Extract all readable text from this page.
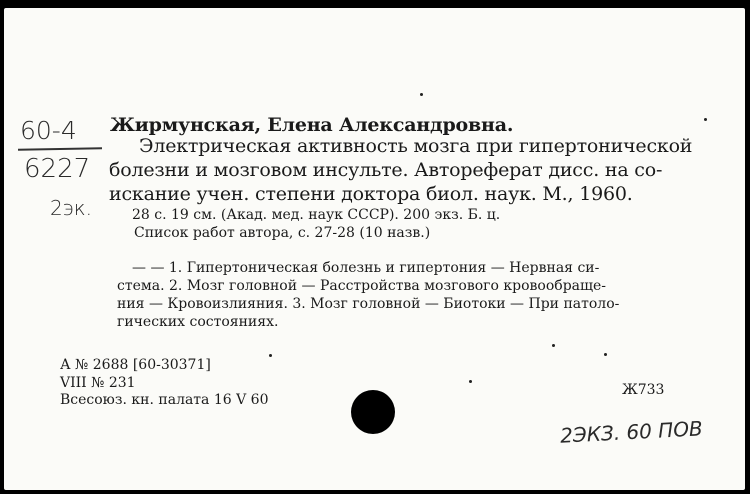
60-4
6227
2эк.
Жирмунская, Елена Александровна.
Электрическая активность мозга при гипертонической
болезни и мозговом инсульте. Автореферат дисс. на со-
искание учен. степени доктора биол. наук. М., 1960.
28 с. 19 см. (Акад. мед. наук СССР). 200 экз. Б. ц.
Список работ автора, с. 27-28 (10 назв.)
— — 1. Гипертоническая болезнь и гипертония — Нервная си-
стема. 2. Мозг головной — Расстройства мозгового кровообраще-
ния — Кровоизлияния. 3. Мозг головной — Биотоки — При патоло-
гических состояниях.
А № 2688 [60-30371]
VIII № 231
Всесоюз. кн. палата 16 V 60
Ж733
2ЭКЗ. 60 ПОВ
